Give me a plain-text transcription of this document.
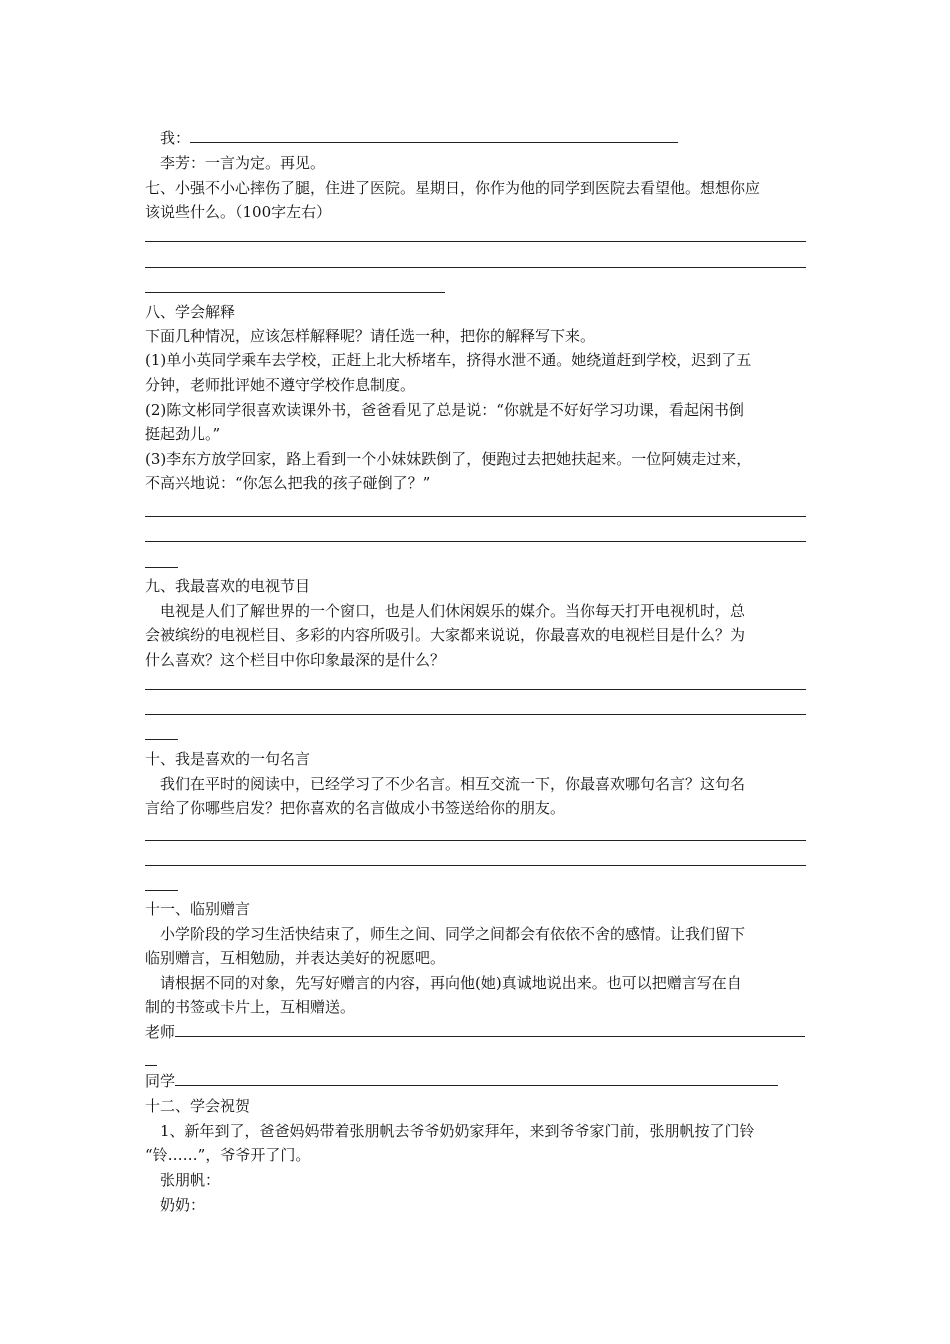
我：
李芳：一言为定。再见。
七、小强不小心摔伤了腿，住进了医院。星期日，你作为他的同学到医院去看望他。想想你应
该说些什么。（100字左右）
八、学会解释
下面几种情况，应该怎样解释呢？请任选一种，把你的解释写下来。
(1)单小英同学乘车去学校，正赶上北大桥堵车，挤得水泄不通。她绕道赶到学校，迟到了五
分钟，老师批评她不遵守学校作息制度。
(2)陈文彬同学很喜欢读课外书，爸爸看见了总是说：“你就是不好好学习功课，看起闲书倒
挺起劲儿。”
(3)李东方放学回家，路上看到一个小妹妹跌倒了，便跑过去把她扶起来。一位阿姨走过来，
不高兴地说：“你怎么把我的孩子碰倒了？”
九、我最喜欢的电视节目
电视是人们了解世界的一个窗口，也是人们休闲娱乐的媒介。当你每天打开电视机时，总
会被缤纷的电视栏目、多彩的内容所吸引。大家都来说说，你最喜欢的电视栏目是什么？为
什么喜欢？这个栏目中你印象最深的是什么？
十、我是喜欢的一句名言
我们在平时的阅读中，已经学习了不少名言。相互交流一下，你最喜欢哪句名言？这句名
言给了你哪些启发？把你喜欢的名言做成小书签送给你的朋友。
十一、临别赠言
小学阶段的学习生活快结束了，师生之间、同学之间都会有依依不舍的感情。让我们留下
临别赠言，互相勉励，并表达美好的祝愿吧。
请根据不同的对象，先写好赠言的内容，再向他(她)真诚地说出来。也可以把赠言写在自
制的书签或卡片上，互相赠送。
老师
同学
十二、学会祝贺
1、新年到了，爸爸妈妈带着张朋帆去爷爷奶奶家拜年，来到爷爷家门前，张朋帆按了门铃
“铃……”，爷爷开了门。
张朋帆：
奶奶：
